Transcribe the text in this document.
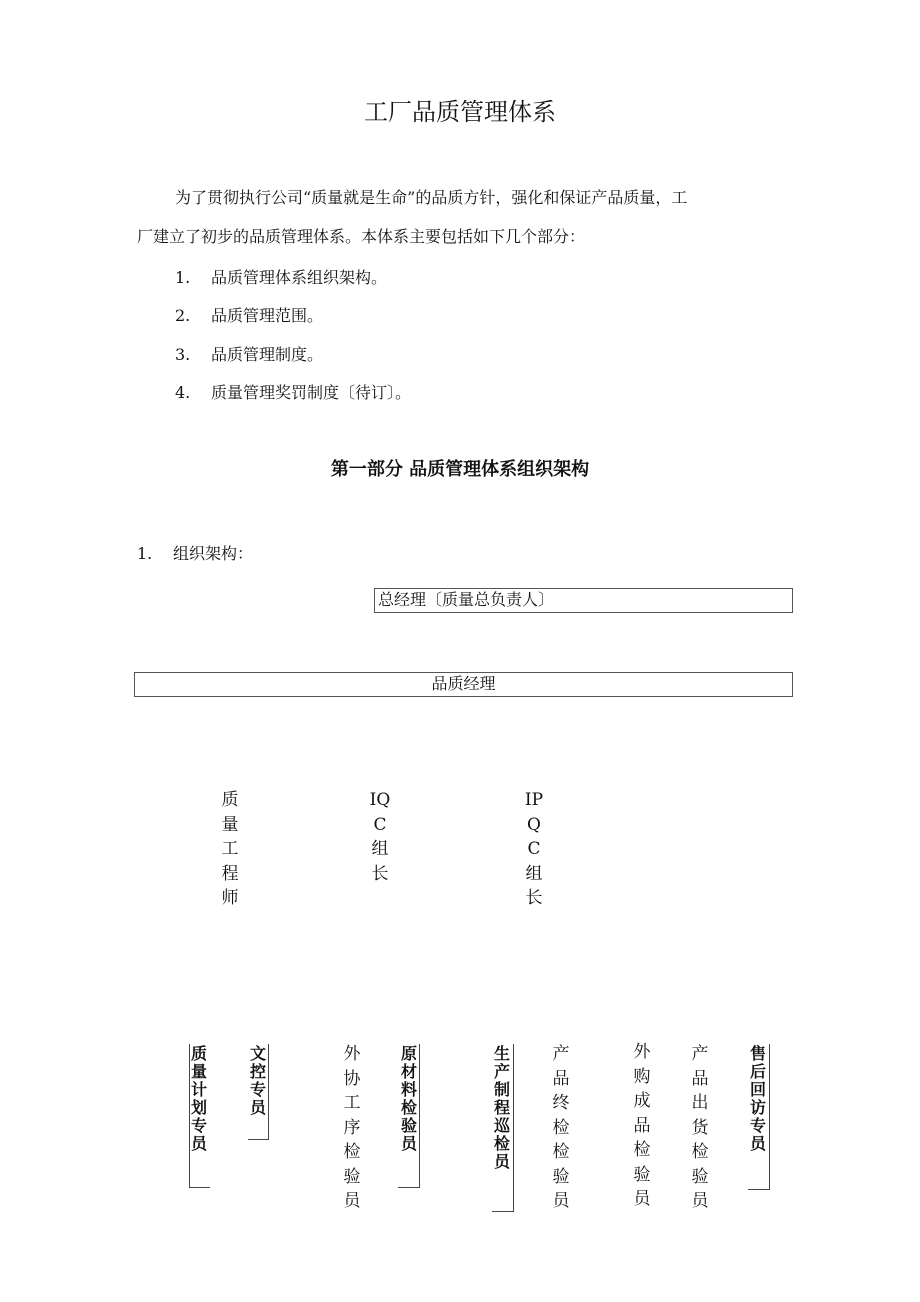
工厂品质管理体系
为了贯彻执行公司“质量就是生命”的品质方针，强化和保证产品质量，工
厂建立了初步的品质管理体系。本体系主要包括如下几个部分：
1. 品质管理体系组织架构。
2. 品质管理范围。
3. 品质管理制度。
4. 质量管理奖罚制度〔待订〕。
第一部分 品质管理体系组织架构
1. 组织架构：
总经理〔质量总负责人〕
品质经理
质量工程师
IQC组长
IPQC组长
质量计划专员
文控专员
外协工序检验员
原材料 检验员
生产制程巡检员
产品终检检验员
外购成品检验员
产品出货检验员
售后回访专员
